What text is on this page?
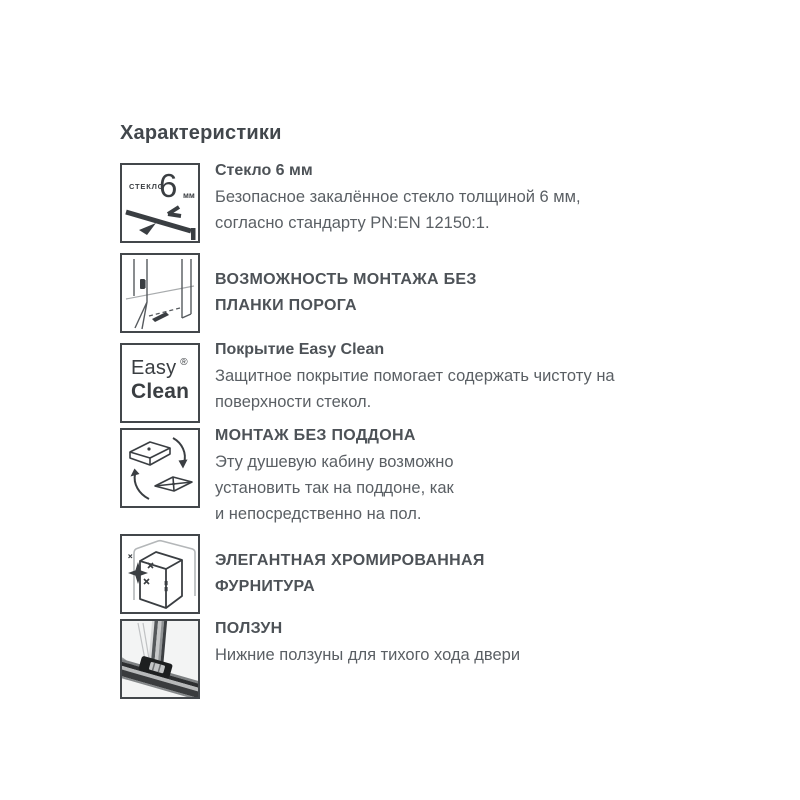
Характеристики
СТЕКЛО
6 мм
Стекло 6 мм
Безопасное закалённое стекло толщиной 6 мм,
согласно стандарту PN:EN 12150:1.
ВОЗМОЖНОСТЬ МОНТАЖА БЕЗ
ПЛАНКИ ПОРОГА
Easy ®
Clean
Покрытие Easy Clean
Защитное покрытие помогает содержать чистоту на
поверхности стекол.
МОНТАЖ БЕЗ ПОДДОНА
Эту душевую кабину возможно
установить так на поддоне, как
и непосредственно на пол.
ЭЛЕГАНТНАЯ ХРОМИРОВАННАЯ
ФУРНИТУРА
ПОЛЗУН
Нижние ползуны для тихого хода двери
